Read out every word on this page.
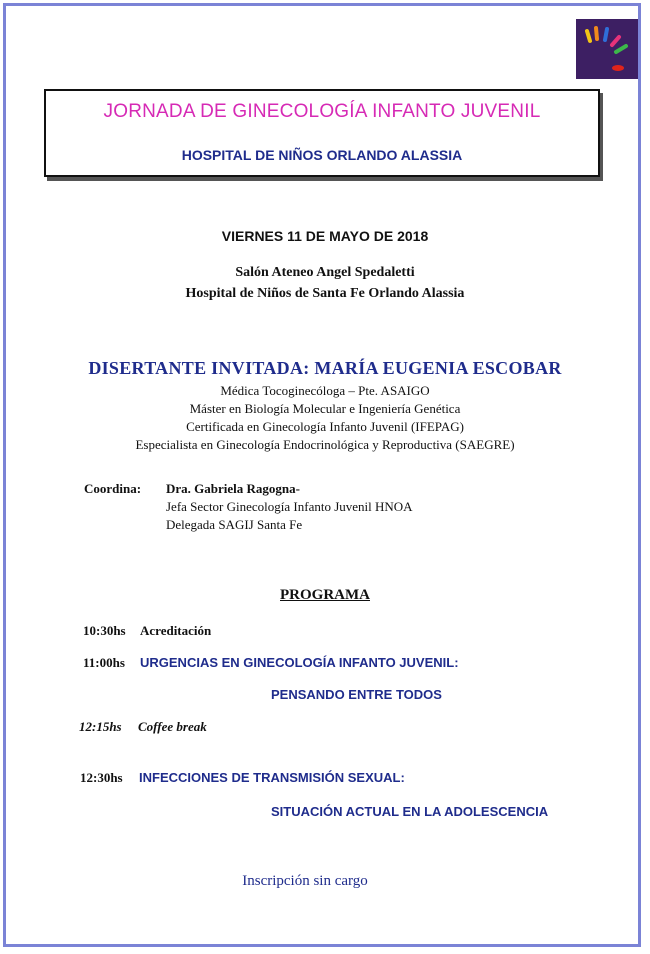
JORNADA DE GINECOLOGÍA INFANTO JUVENIL
HOSPITAL DE NIÑOS ORLANDO ALASSIA
VIERNES 11 DE MAYO DE 2018
Salón Ateneo Angel Spedaletti
Hospital de Niños de Santa Fe Orlando Alassia
DISERTANTE INVITADA: MARÍA EUGENIA ESCOBAR
Médica Tocoginecóloga – Pte. ASAIGO
Máster en Biología Molecular e Ingeniería Genética
Certificada en Ginecología Infanto Juvenil (IFEPAG)
Especialista en Ginecología Endocrinológica y Reproductiva (SAEGRE)
Coordina: Dra. Gabriela Ragogna-
Jefa Sector Ginecología Infanto Juvenil HNOA
Delegada SAGIJ Santa Fe
PROGRAMA
10:30hs Acreditación
11:00hs URGENCIAS EN GINECOLOGÍA INFANTO JUVENIL:
PENSANDO ENTRE TODOS
12:15hs Coffee break
12:30hs INFECCIONES DE TRANSMISIÓN SEXUAL:
SITUACIÓN ACTUAL EN LA ADOLESCENCIA
Inscripción sin cargo
